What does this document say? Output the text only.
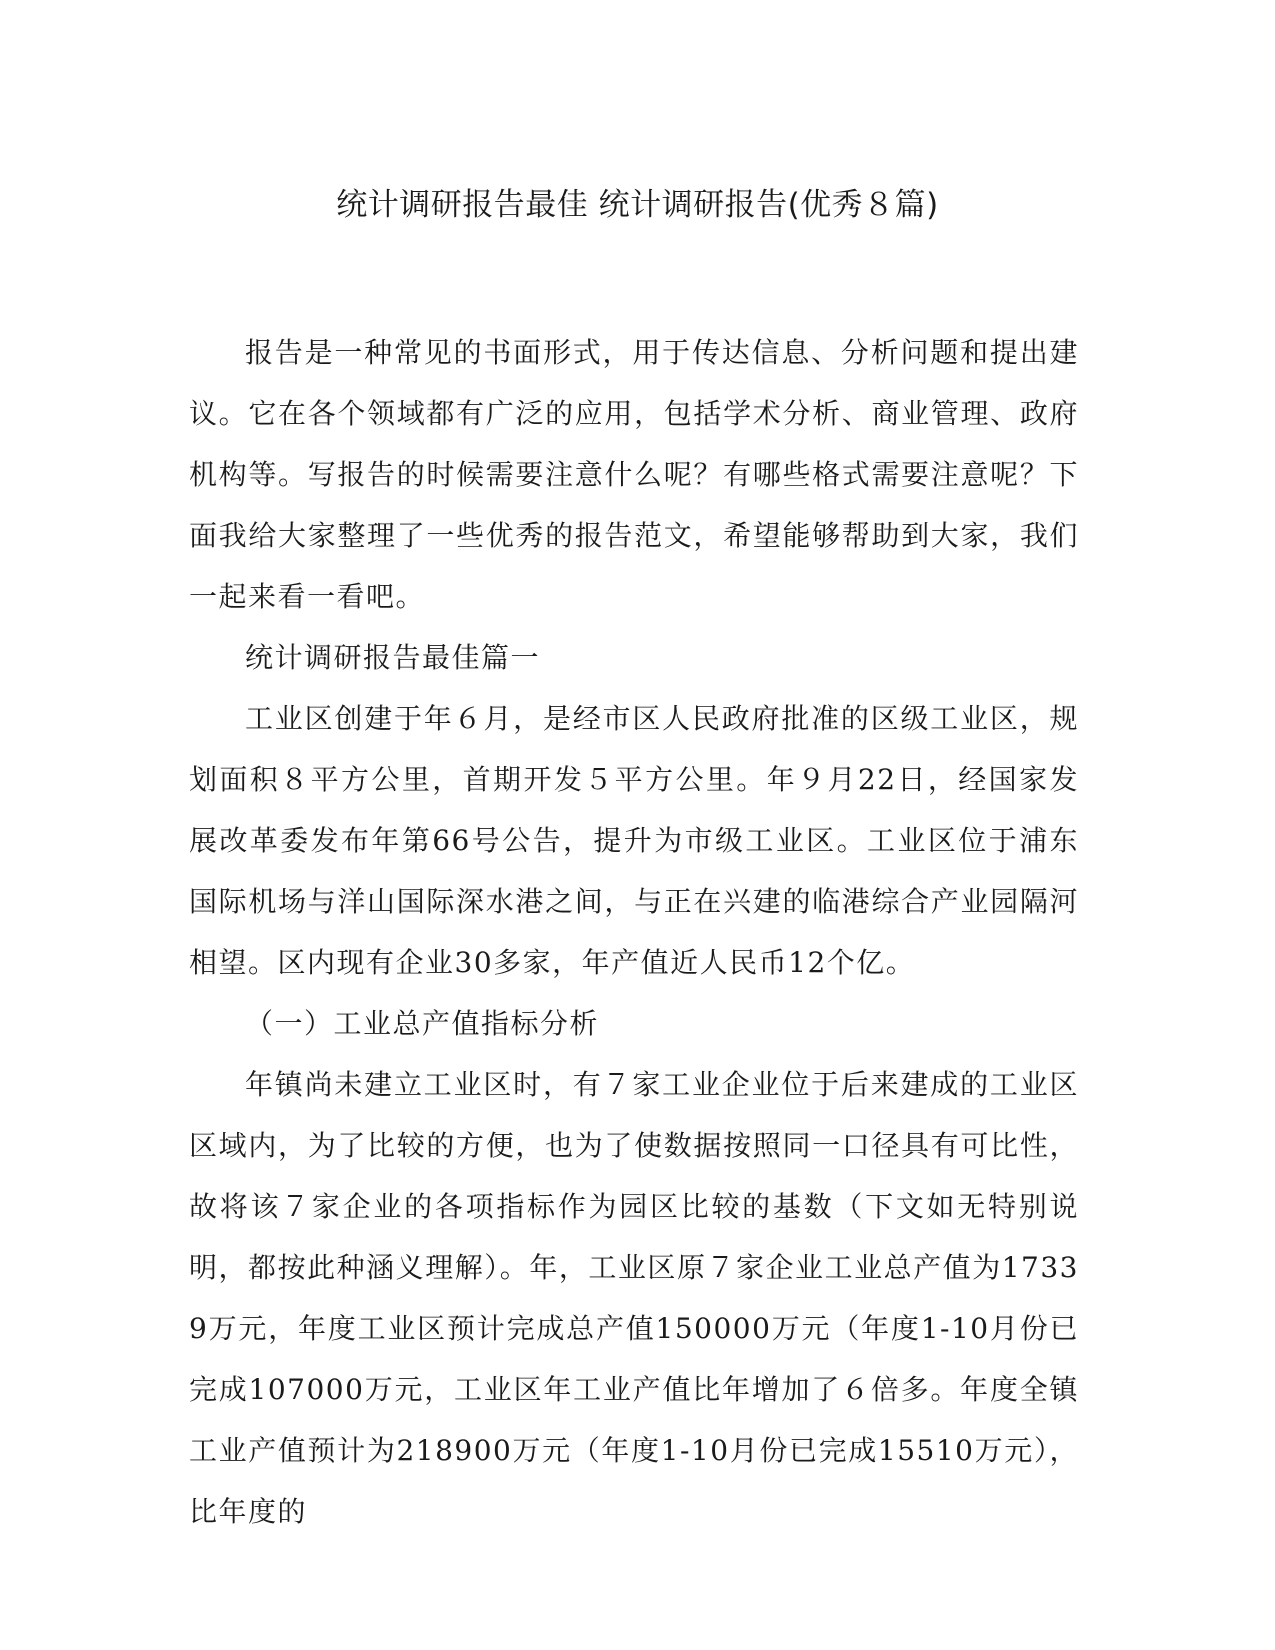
统计调研报告最佳 统计调研报告(优秀８篇)

报告是一种常见的书面形式，用于传达信息、分析问题和提出建议。它在各个领域都有广泛的应用，包括学术分析、商业管理、政府机构等。写报告的时候需要注意什么呢？有哪些格式需要注意呢？下面我给大家整理了一些优秀的报告范文，希望能够帮助到大家，我们一起来看一看吧。

统计调研报告最佳篇一

工业区创建于年６月，是经市区人民政府批准的区级工业区，规划面积８平方公里，首期开发５平方公里。年９月22日，经国家发展改革委发布年第66号公告，提升为市级工业区。工业区位于浦东国际机场与洋山国际深水港之间，与正在兴建的临港综合产业园隔河相望。区内现有企业30多家，年产值近人民币12个亿。

（一）工业总产值指标分析

年镇尚未建立工业区时，有７家工业企业位于后来建成的工业区区域内，为了比较的方便，也为了使数据按照同一口径具有可比性，故将该７家企业的各项指标作为园区比较的基数（下文如无特别说明，都按此种涵义理解）。年，工业区原７家企业工业总产值为17339万元，年度工业区预计完成总产值150000万元（年度1-10月份已完成107000万元，工业区年工业产值比年增加了６倍多。年度全镇工业产值预计为218900万元（年度1-10月份已完成15510万元），比年度的
